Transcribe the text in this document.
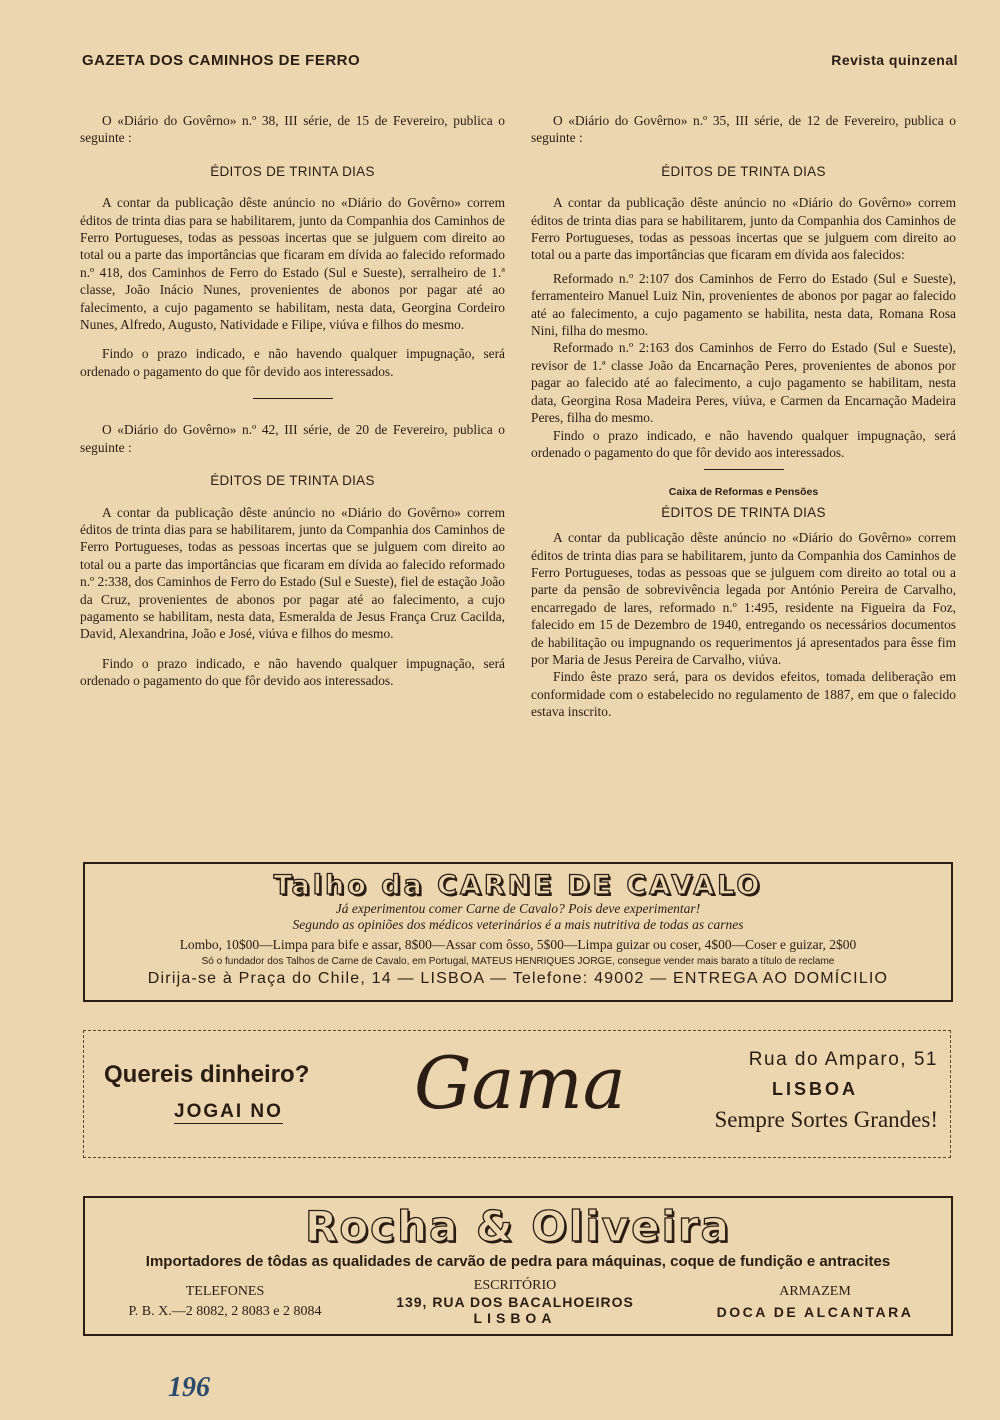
GAZETA DOS CAMINHOS DE FERRO	Revista quinzenal

O «Diário do Govêrno» n.º 38, III série, de 15 de Fevereiro, publica o seguinte :

ÉDITOS DE TRINTA DIAS

A contar da publicação dêste anúncio no «Diário do Govêrno» correm éditos de trinta dias para se habilitarem, junto da Companhia dos Caminhos de Ferro Portugueses, todas as pessoas incertas que se julguem com direito ao total ou a parte das importâncias que ficaram em dívida ao falecido reformado n.º 418, dos Caminhos de Ferro do Estado (Sul e Sueste), serralheiro de 1.ª classe, João Inácio Nunes, provenientes de abonos por pagar até ao falecimento, a cujo pagamento se habilitam, nesta data, Georgina Cordeiro Nunes, Alfredo, Augusto, Natividade e Filipe, viúva e filhos do mesmo.

Findo o prazo indicado, e não havendo qualquer impugnação, será ordenado o pagamento do que fôr devido aos interessados.

O «Diário do Govêrno» n.º 42, III série, de 20 de Fevereiro, publica o seguinte :

ÉDITOS DE TRINTA DIAS

A contar da publicação dêste anúncio no «Diário do Govêrno» correm éditos de trinta dias para se habilitarem, junto da Companhia dos Caminhos de Ferro Portugueses, todas as pessoas incertas que se julguem com direito ao total ou a parte das importâncias que ficaram em dívida ao falecido reformado n.º 2:338, dos Caminhos de Ferro do Estado (Sul e Sueste), fiel de estação João da Cruz, provenientes de abonos por pagar até ao falecimento, a cujo pagamento se habilitam, nesta data, Esmeralda de Jesus França Cruz Cacilda, David, Alexandrina, João e José, viúva e filhos do mesmo.

Findo o prazo indicado, e não havendo qualquer impugnação, será ordenado o pagamento do que fôr devido aos interessados.

O «Diário do Govêrno» n.º 35, III série, de 12 de Fevereiro, publica o seguinte :

ÉDITOS DE TRINTA DIAS

A contar da publicação dêste anúncio no «Diário do Govêrno» correm éditos de trinta dias para se habilitarem, junto da Companhia dos Caminhos de Ferro Portugueses, todas as pessoas incertas que se julguem com direito ao total ou a parte das importâncias que ficaram em dívida aos falecidos:

Reformado n.º 2:107 dos Caminhos de Ferro do Estado (Sul e Sueste), ferramenteiro Manuel Luiz Nin, provenientes de abonos por pagar ao falecido até ao falecimento, a cujo pagamento se habilita, nesta data, Romana Rosa Nini, filha do mesmo.

Reformado n.º 2:163 dos Caminhos de Ferro do Estado (Sul e Sueste), revisor de 1.ª classe João da Encarnação Peres, provenientes de abonos por pagar ao falecido até ao falecimento, a cujo pagamento se habilitam, nesta data, Georgina Rosa Madeira Peres, viúva, e Carmen da Encarnação Madeira Peres, filha do mesmo.

Findo o prazo indicado, e não havendo qualquer impugnação, será ordenado o pagamento do que fôr devido aos interessados.

Caixa de Reformas e Pensões

ÉDITOS DE TRINTA DIAS

A contar da publicação dêste anúncio no «Diário do Govêrno» correm éditos de trinta dias para se habilitarem, junto da Companhia dos Caminhos de Ferro Portugueses, todas as pessoas que se julguem com direito ao total ou a parte da pensão de sobrevivência legada por António Pereira de Carvalho, encarregado de lares, reformado n.º 1:495, residente na Figueira da Foz, falecido em 15 de Dezembro de 1940, entregando os necessários documentos de habilitação ou impugnando os requerimentos já apresentados para êsse fim por Maria de Jesus Pereira de Carvalho, viúva.

Findo êste prazo será, para os devidos efeitos, tomada deliberação em conformidade com o estabelecido no regulamento de 1887, em que o falecido estava inscrito.

Talho da CARNE DE CAVALO
Já experimentou comer Carne de Cavalo? Pois deve experimentar!
Segundo as opiniões dos médicos veterinários é a mais nutritiva de todas as carnes
Lombo, 10$00—Limpa para bife e assar, 8$00—Assar com ôsso, 5$00—Limpa guizar ou coser, 4$00—Coser e guizar, 2$00
Só o fundador dos Talhos de Carne de Cavalo, em Portugal, MATEUS HENRIQUES JORGE, consegue vender mais barato a título de reclame
Dirija-se à Praça do Chile, 14 — LISBOA — Telefone: 49002 — ENTREGA AO DOMÍCILIO
Quereis dinheiro?
JOGAI NO Gama	Rua do Amparo, 51
LISBOA
Sempre Sortes Grandes!
Rocha & Oliveira
Importadores de tôdas as qualidades de carvão de pedra para máquinas, coque de fundição e antracites
TELEFONES
P. B. X.—2 8082, 2 8083 e 2 8084
ESCRITÓRIO
139, RUA DOS BACALHOEIROS
LISBOA
ARMAZEM
DOCA DE ALCANTARA
196
